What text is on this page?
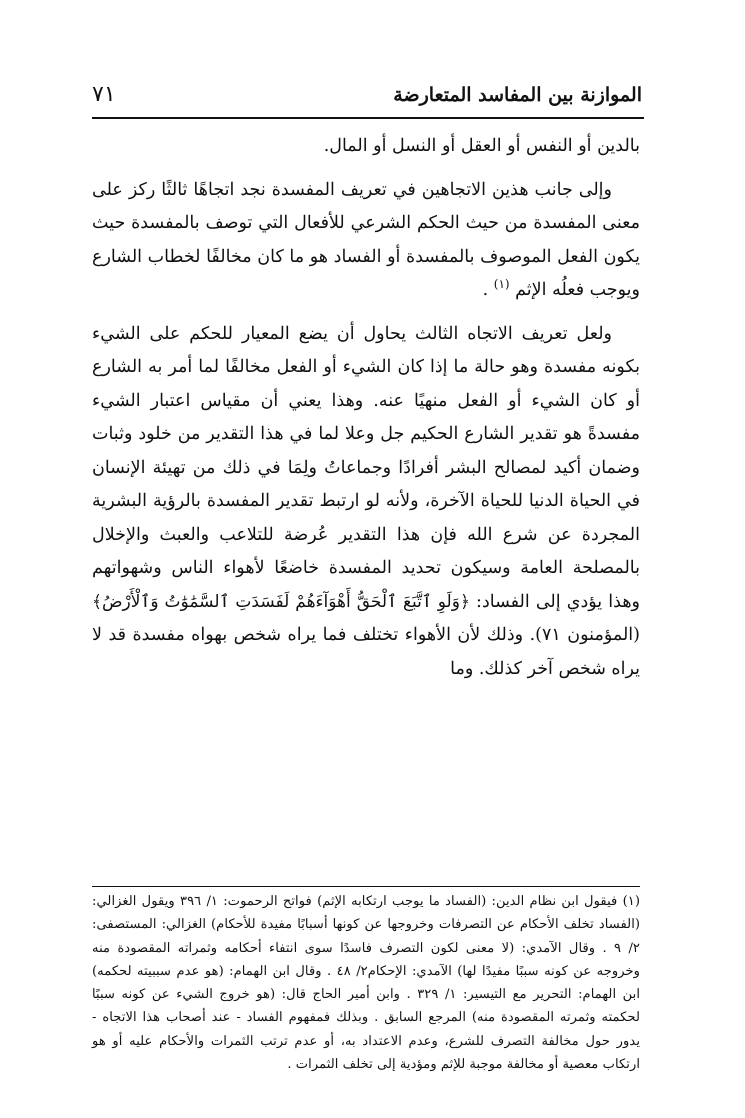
الموازنة بين المفاسد المتعارضة
٧١

بالدين أو النفس أو العقل أو النسل أو المال.

وإلى جانب هذين الاتجاهين في تعريف المفسدة نجد اتجاهًا ثالثًا ركز على معنى المفسدة من حيث الحكم الشرعي للأفعال التي توصف بالمفسدة حيث يكون الفعل الموصوف بالمفسدة أو الفساد هو ما كان مخالفًا لخطاب الشارع ويوجب فعلُه الإثم $^{(١)}$ .

ولعل تعريف الاتجاه الثالث يحاول أن يضع المعيار للحكم على الشيء بكونه مفسدة وهو حالة ما إذا كان الشيء أو الفعل مخالفًا لما أمر به الشارع أو كان الشيء أو الفعل منهيًا عنه. وهذا يعني أن مقياس اعتبار الشيء مفسدةً هو تقدير الشارع الحكيم جل وعلا لما في هذا التقدير من خلود وثبات وضمان أكيد لمصالح البشر أفرادًا وجماعاتُ ولِمَا في ذلك من تهيئة الإنسان في الحياة الدنيا للحياة الآخرة، ولأنه لو ارتبط تقدير المفسدة بالرؤية البشرية المجردة عن شرع الله فإن هذا التقدير عُرضة للتلاعب والعبث والإخلال بالمصلحة العامة وسيكون تحديد المفسدة خاضعًا لأهواء الناس وشهواتهم وهذا يؤدي إلى الفساد: ﴿وَلَوِ ٱتَّبَعَ ٱلْحَقُّ أَهْوَآءَهُمْ لَفَسَدَتِ ٱلسَّمَٰوَٰتُ وَٱلْأَرْضُ﴾ (المؤمنون ٧١). وذلك لأن الأهواء تختلف فما يراه شخص بهواه مفسدة قد لا يراه شخص آخر كذلك. وما

(١) فيقول ابن نظام الدين: (الفساد ما يوجب ارتكابه الإثم) فواتح الرحموت: ١/ ٣٩٦ ويقول الغزالي: (الفساد تخلف الأحكام عن التصرفات وخروجها عن كونها أسبابًا مفيدة للأحكام) الغزالي: المستصفى: ٢/ ٩ . وقال الآمدي: (لا معنى لكون التصرف فاسدًا سوى انتفاء أحكامه وثمراته المقصودة منه وخروجه عن كونه سببًا مفيدًا لها) الآمدي: الإحكام٢/ ٤٨ . وقال ابن الهمام: (هو عدم سببيته لحكمه) ابن الهمام: التحرير مع التيسير: ١/ ٣٢٩ . وابن أمير الحاج قال: (هو خروج الشيء عن كونه سببًا لحكمته وثمرته المقصودة منه) المرجع السابق . وبذلك فمفهوم الفساد - عند أصحاب هذا الاتجاه - يدور حول مخالفة التصرف للشرع، وعدم الاعتداد به، أو عدم ترتب الثمرات والأحكام عليه أو هو ارتكاب معصية أو مخالفة موجبة للإثم ومؤدية إلى تخلف الثمرات .
